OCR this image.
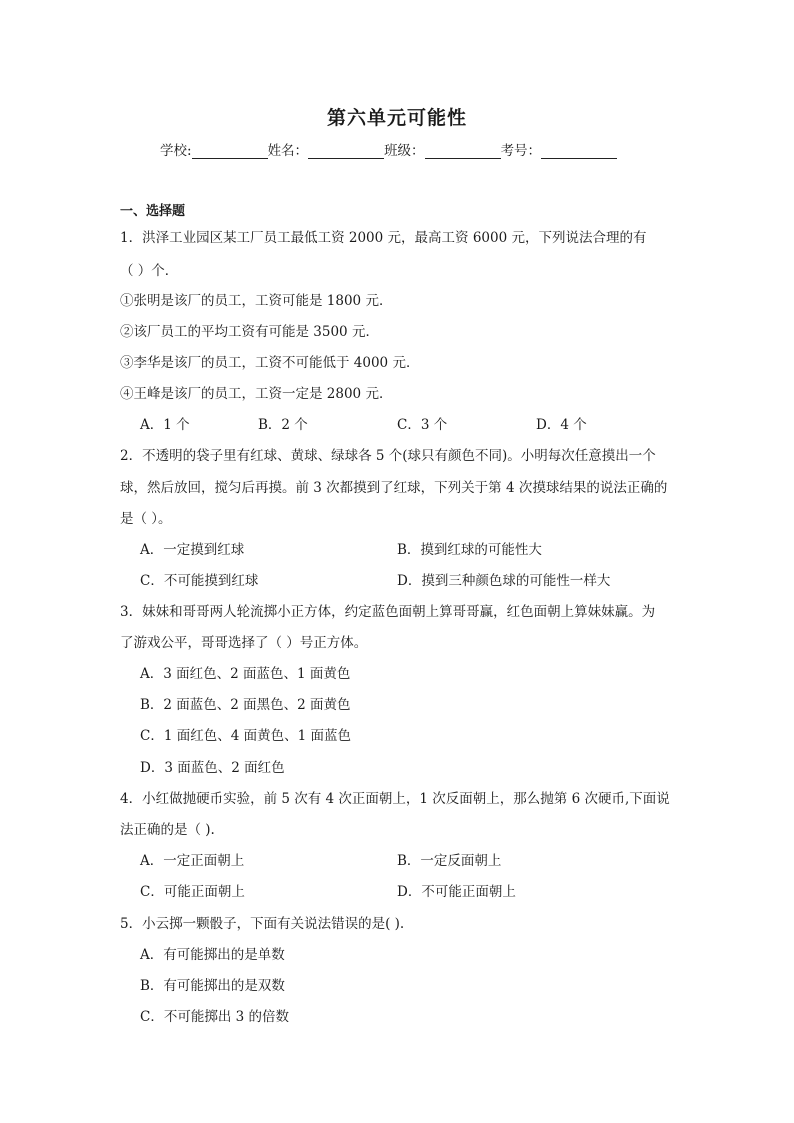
第六单元可能性
学校:	姓名：	班级：	考号：
一、选择题
1．洪泽工业园区某工厂员工最低工资 2000 元，最高工资 6000 元，下列说法合理的有
（ ）个．
①张明是该厂的员工，工资可能是 1800 元．
②该厂员工的平均工资有可能是 3500 元．
③李华是该厂的员工，工资不可能低于 4000 元．
④王峰是该厂的员工，工资一定是 2800 元．
A．1 个	B．2 个	C．3 个	D．4 个
2．不透明的袋子里有红球、黄球、绿球各 5 个(球只有颜色不同)。小明每次任意摸出一个
球，然后放回，搅匀后再摸。前 3 次都摸到了红球，下列关于第 4 次摸球结果的说法正确的
是（ ）。
A．一定摸到红球	B．摸到红球的可能性大
C．不可能摸到红球	D．摸到三种颜色球的可能性一样大
3．妹妹和哥哥两人轮流掷小正方体，约定蓝色面朝上算哥哥赢，红色面朝上算妹妹赢。为
了游戏公平，哥哥选择了（ ）号正方体。
A．3 面红色、2 面蓝色、1 面黄色
B．2 面蓝色、2 面黑色、2 面黄色
C．1 面红色、4 面黄色、1 面蓝色
D．3 面蓝色、2 面红色
4．小红做抛硬币实验，前 5 次有 4 次正面朝上，1 次反面朝上，那么抛第 6 次硬币,下面说
法正确的是（ ).
A．一定正面朝上	B．一定反面朝上
C．可能正面朝上	D．不可能正面朝上
5．小云掷一颗骰子，下面有关说法错误的是( ).
A．有可能掷出的是单数
B．有可能掷出的是双数
C．不可能掷出 3 的倍数
